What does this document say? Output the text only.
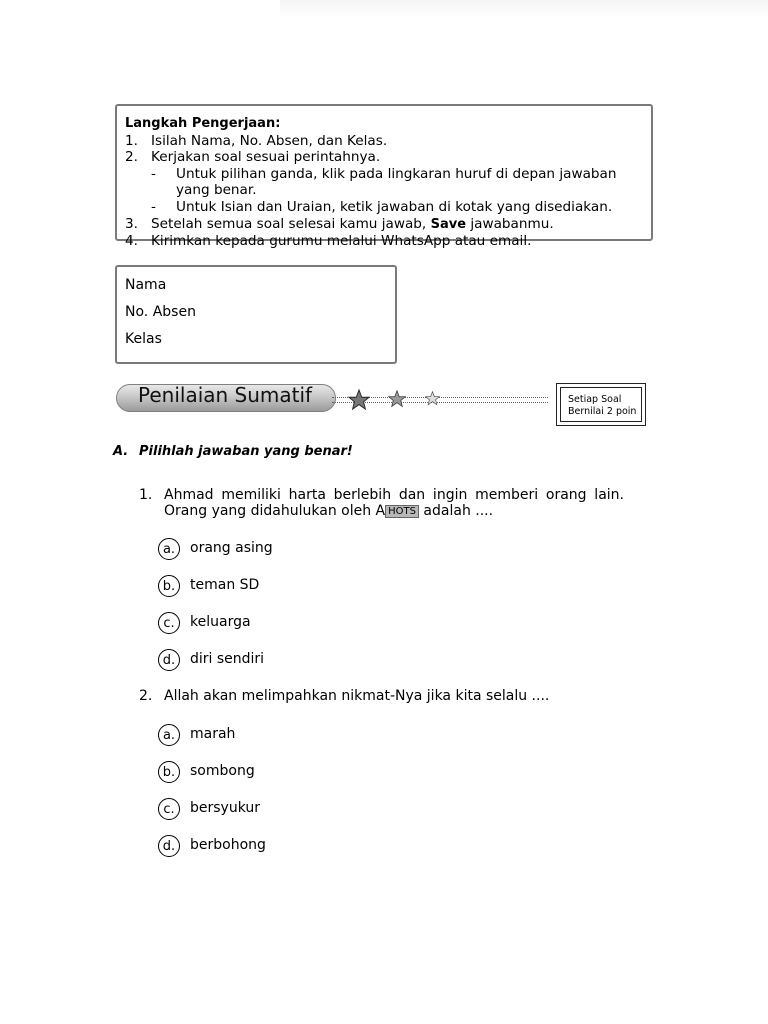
Langkah Pengerjaan:
1. Isilah Nama, No. Absen, dan Kelas.
2. Kerjakan soal sesuai perintahnya.
- Untuk pilihan ganda, klik pada lingkaran huruf di depan jawaban yang benar.
- Untuk Isian dan Uraian, ketik jawaban di kotak yang disediakan.
3. Setelah semua soal selesai kamu jawab, Save jawabanmu.
4. Kirimkan kepada gurumu melalui WhatsApp atau email.
Nama
No. Absen
Kelas
Penilaian Sumatif	Setiap Soal Bernilai 2 poin
A. Pilihlah jawaban yang benar!
1. Ahmad memiliki harta berlebih dan ingin memberi orang lain. Orang yang didahulukan oleh A HOTS adalah ....
a.	orang asing
b.	teman SD
c.	keluarga
d.	diri sendiri
2. Allah akan melimpahkan nikmat-Nya jika kita selalu ....
a.	marah
b.	sombong
c.	bersyukur
d.	berbohong
